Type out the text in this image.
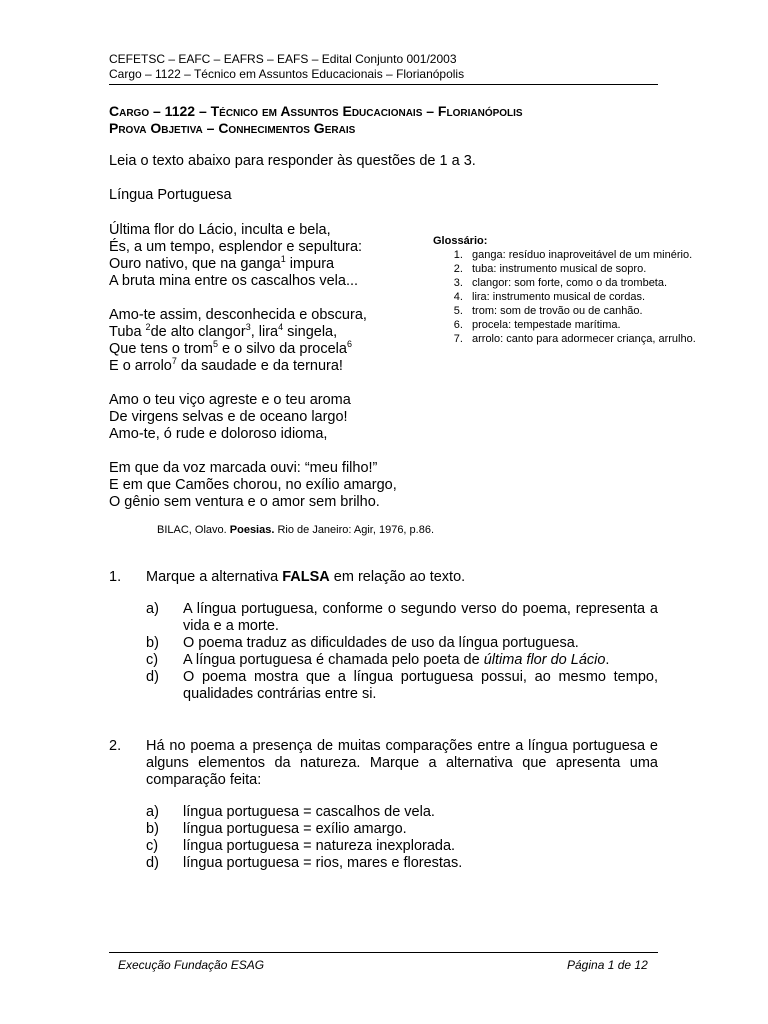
CEFETSC – EAFC – EAFRS – EAFS – Edital Conjunto 001/2003
Cargo – 1122 – Técnico em Assuntos Educacionais – Florianópolis
Cargo – 1122 – Técnico em Assuntos Educacionais – Florianópolis
Prova Objetiva – Conhecimentos Gerais
Leia o texto abaixo para responder às questões de 1 a 3.
Língua Portuguesa
Última flor do Lácio, inculta e bela,
És, a um tempo, esplendor e sepultura:
Ouro nativo, que na ganga$^1$ impura
A bruta mina entre os cascalhos vela...
Amo-te assim, desconhecida e obscura,
Tuba $^2$de alto clangor$^3$, lira$^4$ singela,
Que tens o trom$^5$ e o silvo da procela$^6$
E o arrolo$^7$ da saudade e da ternura!
Amo o teu viço agreste e o teu aroma
De virgens selvas e de oceano largo!
Amo-te, ó rude e doloroso idioma,
Em que da voz marcada ouvi: “meu filho!”
E em que Camões chorou, no exílio amargo,
O gênio sem ventura e o amor sem brilho.
BILAC, Olavo. Poesias. Rio de Janeiro: Agir, 1976, p.86.
Glossário:
1. ganga: resíduo inaproveitável de um minério.
2. tuba: instrumento musical de sopro.
3. clangor: som forte, como o da trombeta.
4. lira: instrumento musical de cordas.
5. trom: som de trovão ou de canhão.
6. procela: tempestade marítima.
7. arrolo: canto para adormecer criança, arrulho.
1. Marque a alternativa FALSA em relação ao texto.
a) A língua portuguesa, conforme o segundo verso do poema, representa a vida e a morte.
b) O poema traduz as dificuldades de uso da língua portuguesa.
c) A língua portuguesa é chamada pelo poeta de última flor do Lácio.
d) O poema mostra que a língua portuguesa possui, ao mesmo tempo, qualidades contrárias entre si.
2. Há no poema a presença de muitas comparações entre a língua portuguesa e alguns elementos da natureza. Marque a alternativa que apresenta uma comparação feita:
a) língua portuguesa = cascalhos de vela.
b) língua portuguesa = exílio amargo.
c) língua portuguesa = natureza inexplorada.
d) língua portuguesa = rios, mares e florestas.
Execução Fundação ESAG	Página 1 de 12
